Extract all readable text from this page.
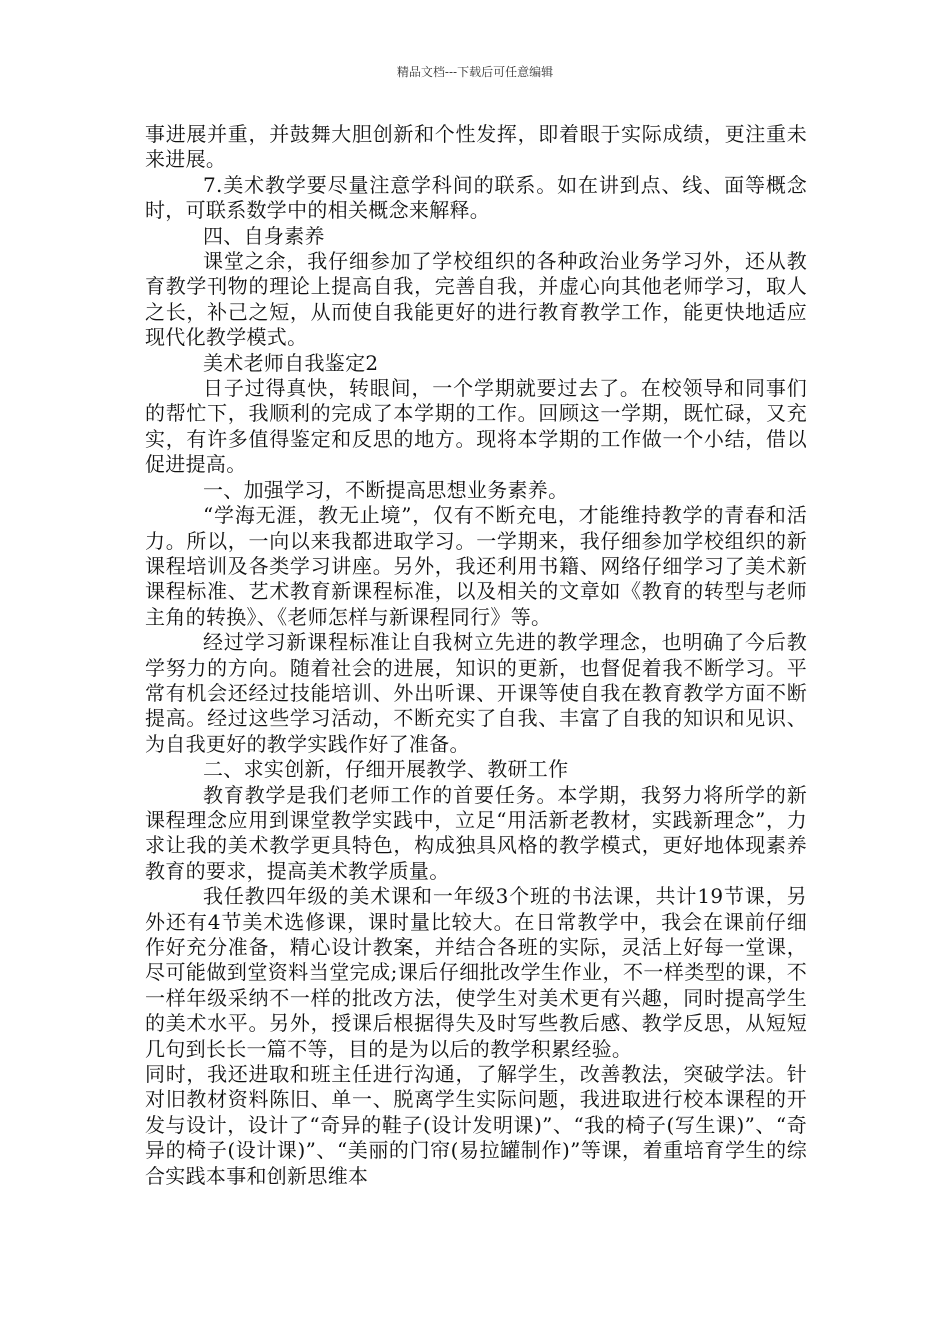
精品文档---下载后可任意编辑

事进展并重，并鼓舞大胆创新和个性发挥，即着眼于实际成绩，更注重未来进展。

7.美术教学要尽量注意学科间的联系。如在讲到点、线、面等概念时，可联系数学中的相关概念来解释。

四、自身素养

课堂之余，我仔细参加了学校组织的各种政治业务学习外，还从教育教学刊物的理论上提高自我，完善自我，并虚心向其他老师学习，取人之长，补己之短，从而使自我能更好的进行教育教学工作，能更快地适应现代化教学模式。

美术老师自我鉴定2

日子过得真快，转眼间，一个学期就要过去了。在校领导和同事们的帮忙下，我顺利的完成了本学期的工作。回顾这一学期，既忙碌，又充实，有许多值得鉴定和反思的地方。现将本学期的工作做一个小结，借以促进提高。

一、加强学习，不断提高思想业务素养。

“学海无涯，教无止境”，仅有不断充电，才能维持教学的青春和活力。所以，一向以来我都进取学习。一学期来，我仔细参加学校组织的新课程培训及各类学习讲座。另外，我还利用书籍、网络仔细学习了美术新课程标准、艺术教育新课程标准，以及相关的文章如《教育的转型与老师主角的转换》、《老师怎样与新课程同行》等。

经过学习新课程标准让自我树立先进的教学理念，也明确了今后教学努力的方向。随着社会的进展，知识的更新，也督促着我不断学习。平常有机会还经过技能培训、外出听课、开课等使自我在教育教学方面不断提高。经过这些学习活动，不断充实了自我、丰富了自我的知识和见识、为自我更好的教学实践作好了准备。

二、求实创新，仔细开展教学、教研工作

教育教学是我们老师工作的首要任务。本学期，我努力将所学的新课程理念应用到课堂教学实践中，立足“用活新老教材，实践新理念”，力求让我的美术教学更具特色，构成独具风格的教学模式，更好地体现素养教育的要求，提高美术教学质量。

我任教四年级的美术课和一年级3个班的书法课，共计19节课，另外还有4节美术选修课，课时量比较大。在日常教学中，我会在课前仔细作好充分准备，精心设计教案，并结合各班的实际，灵活上好每一堂课，尽可能做到堂资料当堂完成;课后仔细批改学生作业，不一样类型的课，不一样年级采纳不一样的批改方法，使学生对美术更有兴趣，同时提高学生的美术水平。另外，授课后根据得失及时写些教后感、教学反思，从短短几句到长长一篇不等，目的是为以后的教学积累经验。

同时，我还进取和班主任进行沟通，了解学生，改善教法，突破学法。针对旧教材资料陈旧、单一、脱离学生实际问题，我进取进行校本课程的开发与设计，设计了“奇异的鞋子(设计发明课)”、“我的椅子(写生课)”、“奇异的椅子(设计课)”、“美丽的门帘(易拉罐制作)”等课，着重培育学生的综合实践本事和创新思维本
